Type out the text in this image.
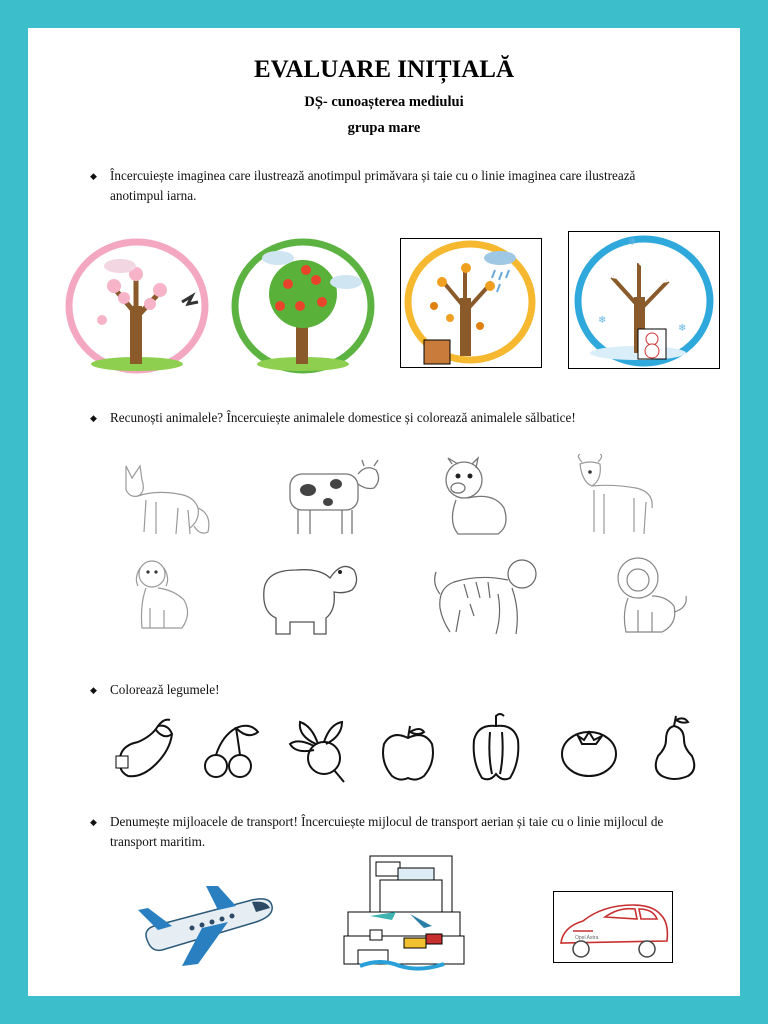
EVALUARE INIȚIALĂ
DȘ- cunoașterea mediului
grupa mare
◆ Încercuiește imaginea care ilustrează anotimpul primăvara și taie cu o linie imaginea care ilustrează anotimpul iarna.
❄
❄
❄
◆ Recunoști animalele? Încercuiește animalele domestice și colorează animalele sălbatice!
◆ Colorează legumele!
◆ Denumește mijloacele de transport! Încercuiește mijlocul de transport aerian și taie cu o linie mijlocul de transport maritim.
Opel Astra
